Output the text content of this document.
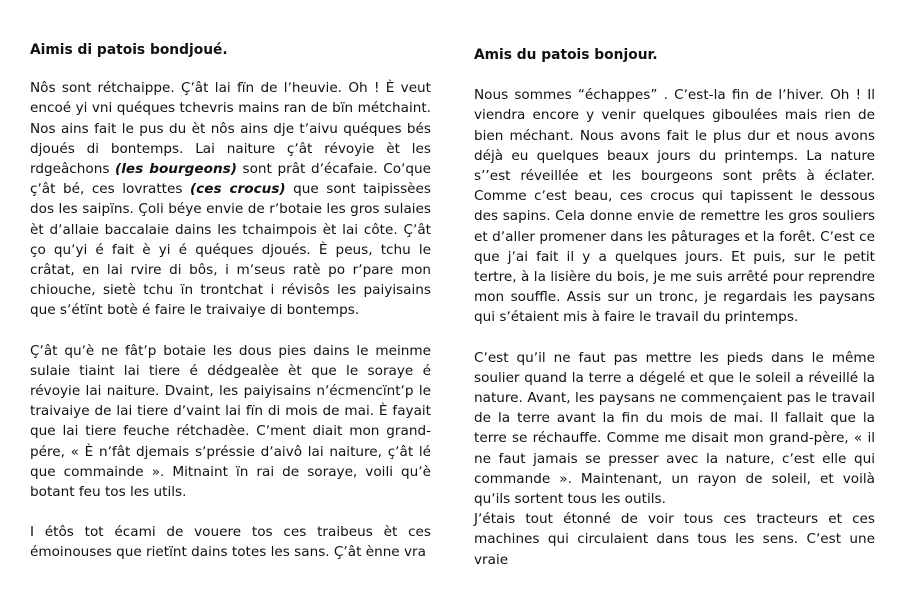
Aimis di patois bondjoué.
Nôs sont rétchaippe. Çʼât lai fïn de lʼheuvie. Oh ! È veut encoé yi vni quéques tchevris mains ran de bïn métchaint. Nos ains fait le pus du èt nôs ains dje tʼaivu quéques bés djoués di bontemps. Lai naiture çʼât révoyie èt les rdgeâchons (les bourgeons) sont prât dʼécafaie. Coʼque çʼât bé, ces lovrattes (ces crocus) que sont taipissèes dos les saipïns. Çoli béye envie de rʼbotaie les gros sulaies èt dʼallaie baccalaie dains les tchaimpois èt lai côte. Çʼât ço quʼyi é fait è yi é quéques djoués. È peus, tchu le crâtat, en lai rvire di bôs, i mʼseus ratè po rʼpare mon chiouche, sietè tchu ïn trontchat i révisôs les paiyisains que sʼétïnt botè é faire le traivaiye di bontemps.
Çʼât quʼè ne fâtʼp botaie les dous pies dains le meinme sulaie tiaint lai tiere é dédgealèe èt que le soraye é révoyie lai naiture. Dvaint, les paiyisains nʼécmencïntʼp le traivaiye de lai tiere dʼvaint lai fïn di mois de mai. È fayait que lai tiere feuche rétchadèe. Cʼment diait mon grand-pére, « È nʼfât djemais sʼpréssie dʼaivô lai naiture, çʼât lé que commainde ». Mitnaint ïn rai de soraye, voili quʼè botant feu tos les utils.
I étôs tot écami de vouere tos ces traibeus èt ces émoinouses que rietïnt dains totes les sans. Çʼât ènne vra
Amis du patois bonjour.
Nous sommes “échappes” . Cʼest-la fin de lʼhiver. Oh ! Il viendra encore y venir quelques giboulées mais rien de bien méchant. Nous avons fait le plus dur et nous avons déjà eu quelques beaux jours du printemps. La nature s’’est réveillée et les bourgeons sont prêts à éclater. Comme cʼest beau, ces crocus qui tapissent le dessous des sapins. Cela donne envie de remettre les gros souliers et dʼaller promener dans les pâturages et la forêt. Cʼest ce que jʼai fait il y a quelques jours. Et puis, sur le petit tertre, à la lisière du bois, je me suis arrêté pour reprendre mon souffle. Assis sur un tronc, je regardais les paysans qui sʼétaient mis à faire le travail du printemps.
Cʼest quʼil ne faut pas mettre les pieds dans le même soulier quand la terre a dégelé et que le soleil a réveillé la nature. Avant, les paysans ne commençaient pas le travail de la terre avant la fin du mois de mai. Il fallait que la terre se réchauffe. Comme me disait mon grand-père, « il ne faut jamais se presser avec la nature, cʼest elle qui commande ». Maintenant, un rayon de soleil, et voilà quʼils sortent tous les outils.
Jʼétais tout étonné de voir tous ces tracteurs et ces machines qui circulaient dans tous les sens. Cʼest une vraie
